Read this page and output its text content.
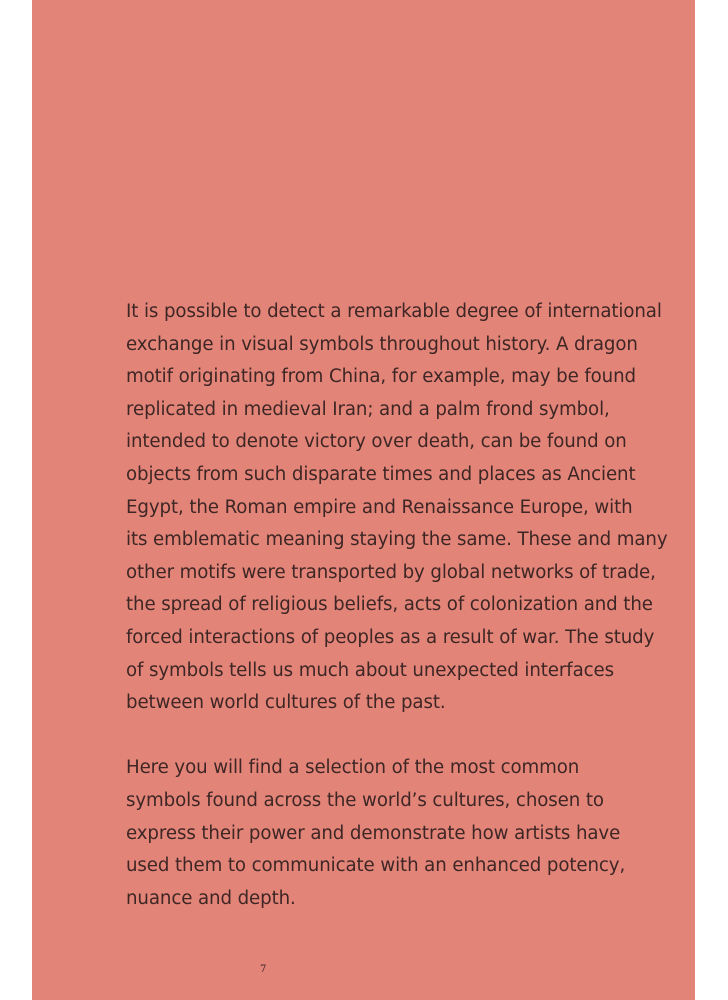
It is possible to detect a remarkable degree of international
exchange in visual symbols throughout history. A dragon
motif originating from China, for example, may be found
replicated in medieval Iran; and a palm frond symbol,
intended to denote victory over death, can be found on
objects from such disparate times and places as Ancient
Egypt, the Roman empire and Renaissance Europe, with
its emblematic meaning staying the same. These and many
other motifs were transported by global networks of trade,
the spread of religious beliefs, acts of colonization and the
forced interactions of peoples as a result of war. The study
of symbols tells us much about unexpected interfaces
between world cultures of the past.
Here you will find a selection of the most common
symbols found across the world’s cultures, chosen to
express their power and demonstrate how artists have
used them to communicate with an enhanced potency,
nuance and depth.
7
